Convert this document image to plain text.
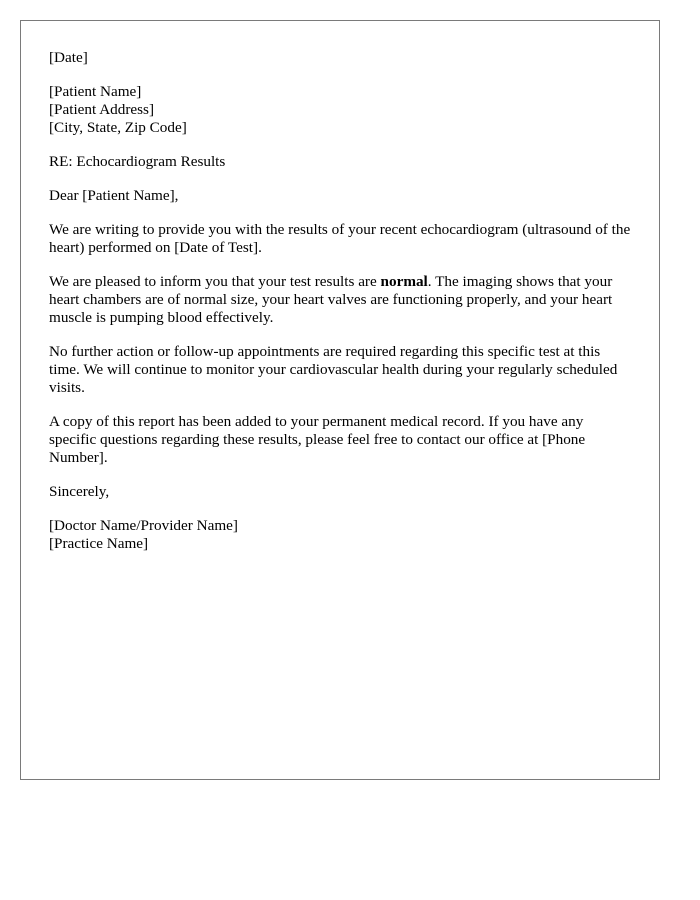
[Date]

[Patient Name]
[Patient Address]
[City, State, Zip Code]

RE: Echocardiogram Results

Dear [Patient Name],

We are writing to provide you with the results of your recent echocardiogram (ultrasound of the heart) performed on [Date of Test].

We are pleased to inform you that your test results are normal. The imaging shows that your heart chambers are of normal size, your heart valves are functioning properly, and your heart muscle is pumping blood effectively.

No further action or follow-up appointments are required regarding this specific test at this time. We will continue to monitor your cardiovascular health during your regularly scheduled visits.

A copy of this report has been added to your permanent medical record. If you have any specific questions regarding these results, please feel free to contact our office at [Phone Number].

Sincerely,

[Doctor Name/Provider Name]
[Practice Name]
